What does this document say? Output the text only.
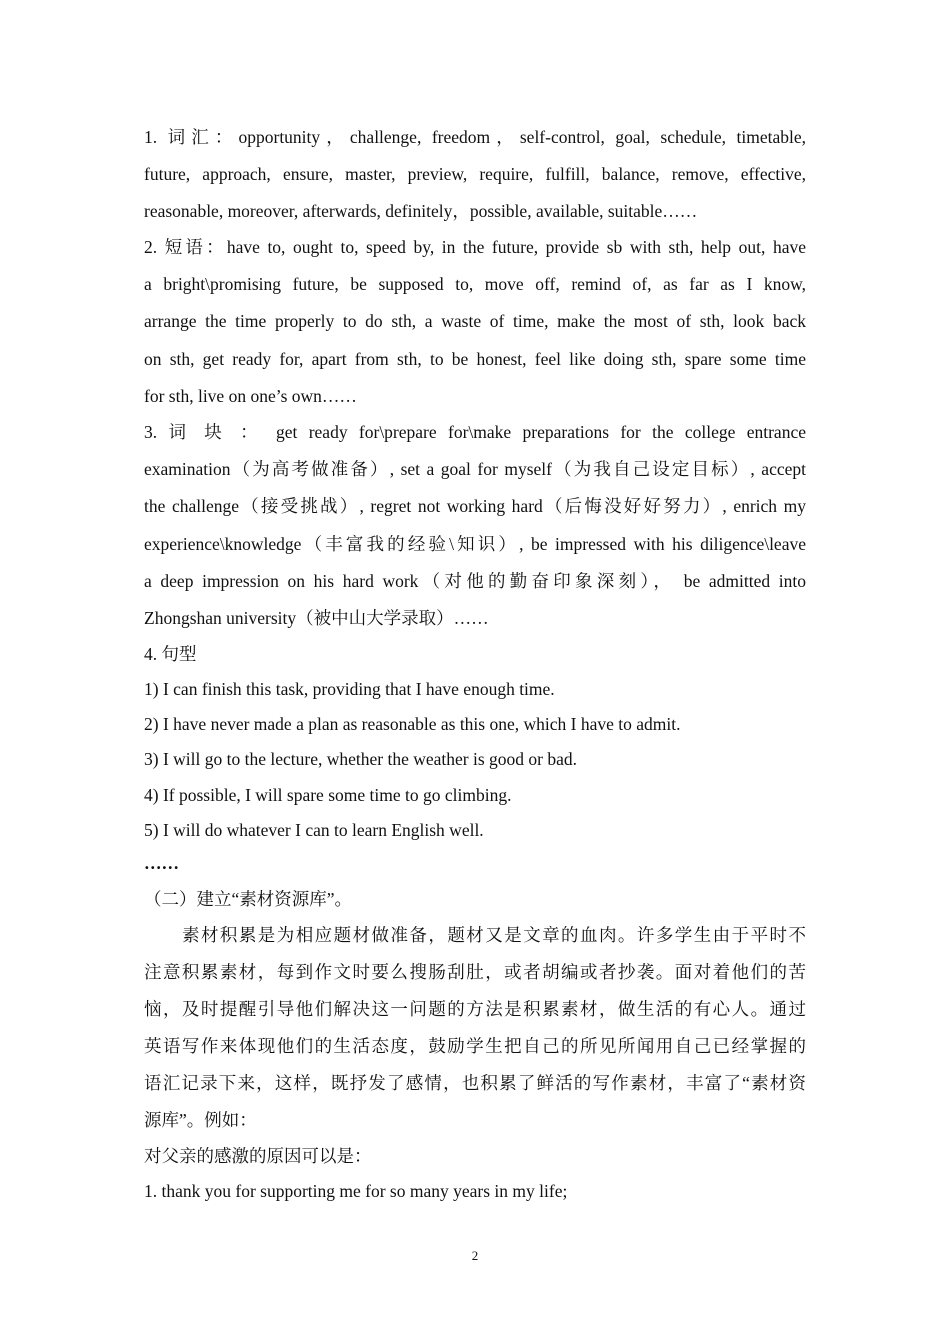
1. 词汇：opportunity，challenge, freedom，self-control, goal, schedule, timetable,
future, approach, ensure, master, preview, require, fulfill, balance, remove, effective,
reasonable, moreover, afterwards, definitely，possible, available, suitable……
2. 短语：have to, ought to, speed by, in the future, provide sb with sth, help out, have
a bright\promising future, be supposed to, move off, remind of, as far as I know,
arrange the time properly to do sth, a waste of time, make the most of sth, look back
on sth, get ready for, apart from sth, to be honest, feel like doing sth, spare some time
for sth, live on one’s own……
3. 词 块 ： get ready for\prepare for\make preparations for the college entrance
examination（为高考做准备）, set a goal for myself（为我自己设定目标）, accept
the challenge（接受挑战）, regret not working hard（后悔没好好努力）, enrich my
experience\knowledge（丰富我的经验\知识）, be impressed with his diligence\leave
a deep impression on his hard work（对他的勤奋印象深刻）， be admitted into
Zhongshan university（被中山大学录取）……
4. 句型
1) I can finish this task, providing that I have enough time.
2) I have never made a plan as reasonable as this one, which I have to admit.
3) I will go to the lecture, whether the weather is good or bad.
4) If possible, I will spare some time to go climbing.
5) I will do whatever I can to learn English well.
……
（二）建立“素材资源库”。
素材积累是为相应题材做准备，题材又是文章的血肉。许多学生由于平时不
注意积累素材，每到作文时要么搜肠刮肚，或者胡编或者抄袭。面对着他们的苦
恼，及时提醒引导他们解决这一问题的方法是积累素材，做生活的有心人。通过
英语写作来体现他们的生活态度，鼓励学生把自己的所见所闻用自己已经掌握的
语汇记录下来，这样，既抒发了感情，也积累了鲜活的写作素材，丰富了“素材资
源库”。例如：
对父亲的感激的原因可以是：
1. thank you for supporting me for so many years in my life;
2
